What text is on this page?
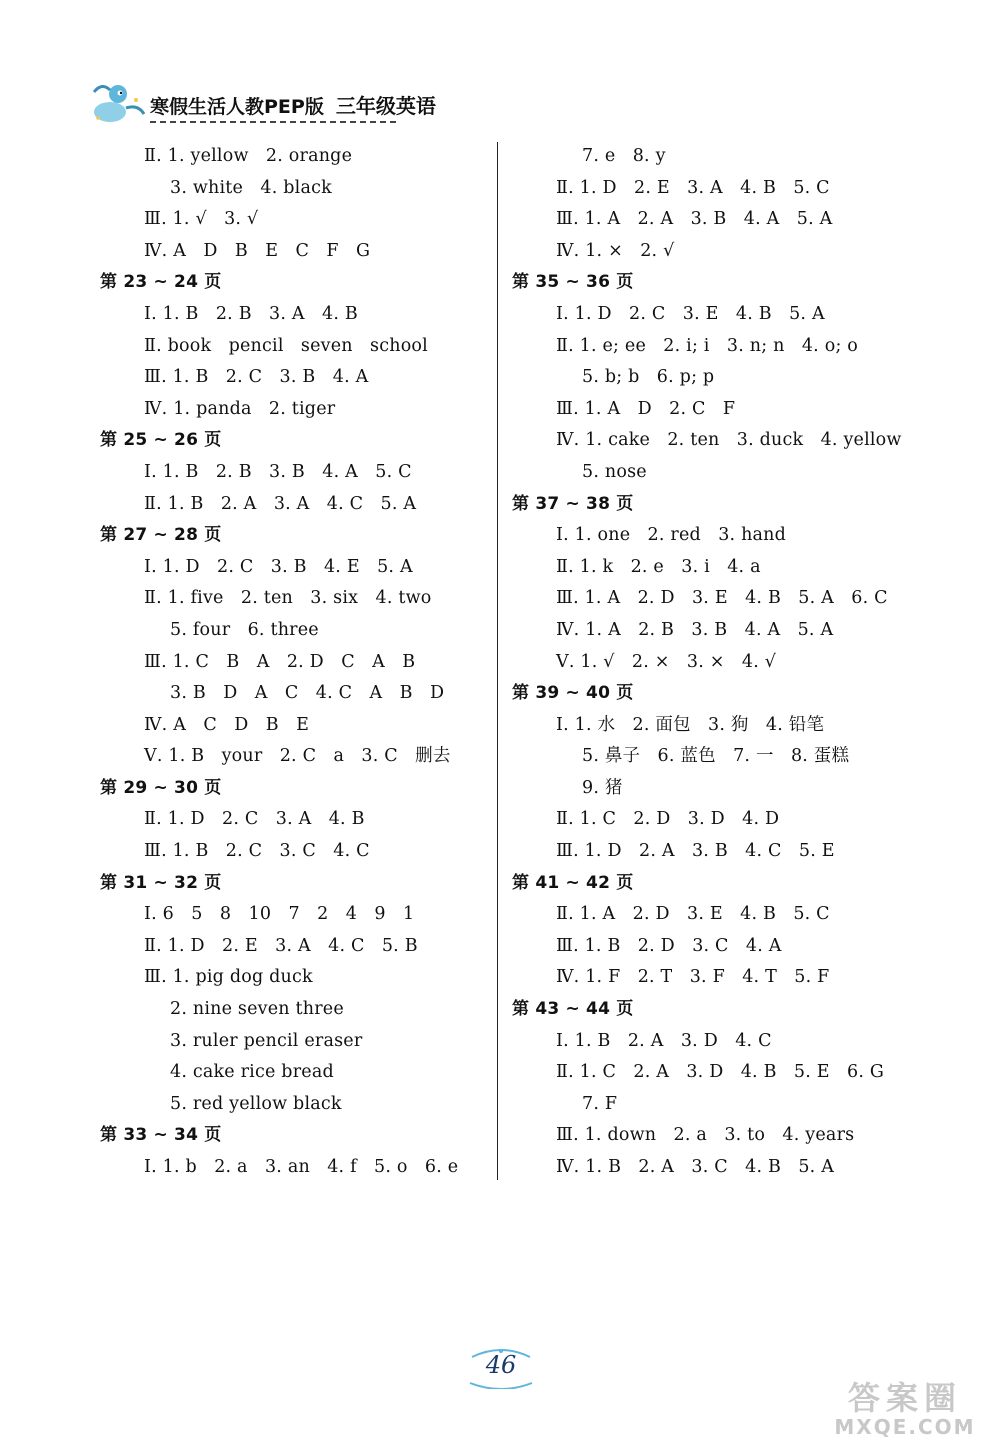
寒假生活人教PEP版 三年级英语
Ⅱ. 1. yellow   2. orange
3. white   4. black
Ⅲ. 1. √   3. √
Ⅳ. A   D   B   E   C   F   G
第 23 ~ 24 页
Ⅰ. 1. B   2. B   3. A   4. B
Ⅱ. book   pencil   seven   school
Ⅲ. 1. B   2. C   3. B   4. A
Ⅳ. 1. panda   2. tiger
第 25 ~ 26 页
Ⅰ. 1. B   2. B   3. B   4. A   5. C
Ⅱ. 1. B   2. A   3. A   4. C   5. A
第 27 ~ 28 页
Ⅰ. 1. D   2. C   3. B   4. E   5. A
Ⅱ. 1. five   2. ten   3. six   4. two
5. four   6. three
Ⅲ. 1. C   B   A   2. D   C   A   B
3. B   D   A   C   4. C   A   B   D
Ⅳ. A   C   D   B   E
Ⅴ. 1. B   your   2. C   a   3. C   删去
第 29 ~ 30 页
Ⅱ. 1. D   2. C   3. A   4. B
Ⅲ. 1. B   2. C   3. C   4. C
第 31 ~ 32 页
Ⅰ. 6   5   8   10   7   2   4   9   1
Ⅱ. 1. D   2. E   3. A   4. C   5. B
Ⅲ. 1. pig dog duck
2. nine seven three
3. ruler pencil eraser
4. cake rice bread
5. red yellow black
第 33 ~ 34 页
Ⅰ. 1. b   2. a   3. an   4. f   5. o   6. e
7. e   8. y
Ⅱ. 1. D   2. E   3. A   4. B   5. C
Ⅲ. 1. A   2. A   3. B   4. A   5. A
Ⅳ. 1. ×   2. √
第 35 ~ 36 页
Ⅰ. 1. D   2. C   3. E   4. B   5. A
Ⅱ. 1. e; ee   2. i; i   3. n; n   4. o; o
5. b; b   6. p; p
Ⅲ. 1. A   D   2. C   F
Ⅳ. 1. cake   2. ten   3. duck   4. yellow
5. nose
第 37 ~ 38 页
Ⅰ. 1. one   2. red   3. hand
Ⅱ. 1. k   2. e   3. i   4. a
Ⅲ. 1. A   2. D   3. E   4. B   5. A   6. C
Ⅳ. 1. A   2. B   3. B   4. A   5. A
Ⅴ. 1. √   2. ×   3. ×   4. √
第 39 ~ 40 页
Ⅰ. 1. 水   2. 面包   3. 狗   4. 铅笔
5. 鼻子   6. 蓝色   7. 一   8. 蛋糕
9. 猪
Ⅱ. 1. C   2. D   3. D   4. D
Ⅲ. 1. D   2. A   3. B   4. C   5. E
第 41 ~ 42 页
Ⅱ. 1. A   2. D   3. E   4. B   5. C
Ⅲ. 1. B   2. D   3. C   4. A
Ⅳ. 1. F   2. T   3. F   4. T   5. F
第 43 ~ 44 页
Ⅰ. 1. B   2. A   3. D   4. C
Ⅱ. 1. C   2. A   3. D   4. B   5. E   6. G
7. F
Ⅲ. 1. down   2. a   3. to   4. years
Ⅳ. 1. B   2. A   3. C   4. B   5. A
46
答案圈
MXQE.COM
